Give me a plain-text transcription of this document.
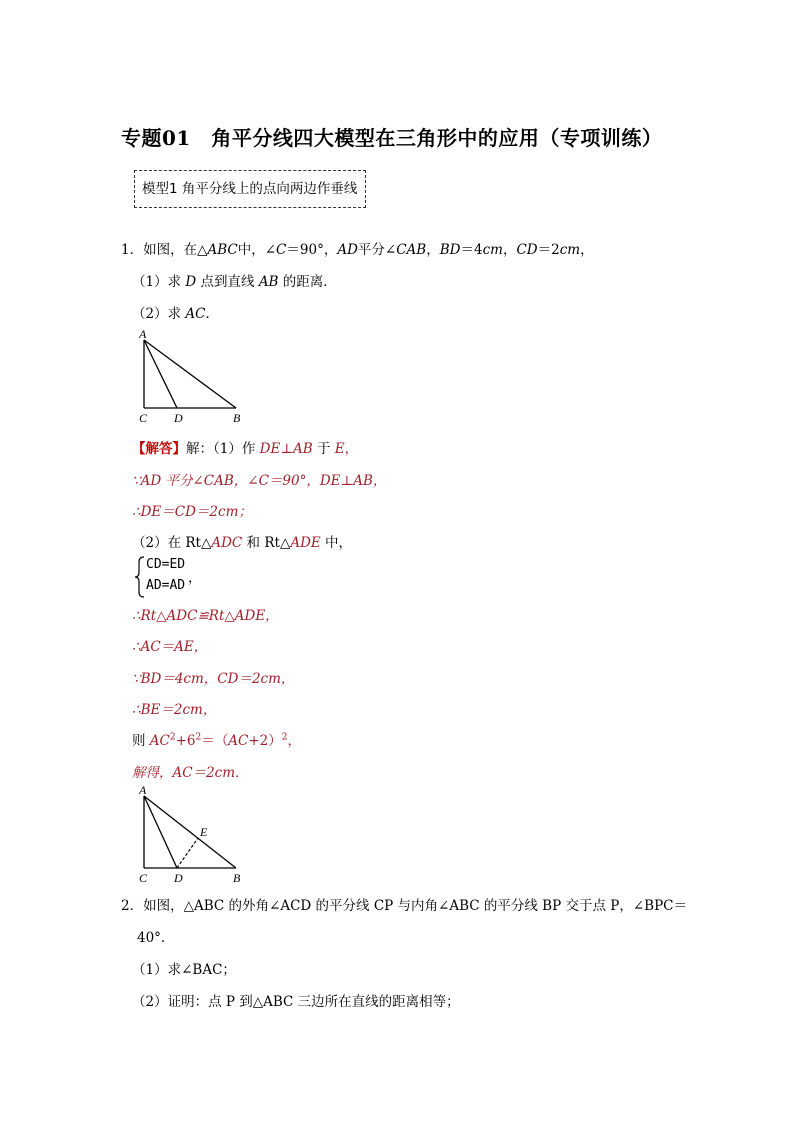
专题01　角平分线四大模型在三角形中的应用（专项训练）
模型1 角平分线上的点向两边作垂线
1．如图，在△ABC中，∠C＝90°，AD平分∠CAB，BD＝4cm，CD＝2cm，
（1）求 D 点到直线 AB 的距离．
（2）求 AC．
A
C D	B
【解答】解：（1）作 DE⊥AB 于 E，
∵AD 平分∠CAB，∠C＝90°，DE⊥AB，
∴DE＝CD＝2cm；
（2）在 Rt△ADC 和 Rt△ADE 中，
CD=ED
AD=AD ，
∴Rt△ADC≌Rt△ADE，
∴AC＝AE，
∵BD＝4cm，CD＝2cm，
∴BE＝2cm，
则 $AC^2+6^2=(AC+2)^2$，
解得，AC＝2cm．
A
E
C D	B
2．如图，△ABC 的外角∠ACD 的平分线 CP 与内角∠ABC 的平分线 BP 交于点 P，∠BPC＝
40°．
（1）求∠BAC；
（2）证明：点 P 到△ABC 三边所在直线的距离相等；
